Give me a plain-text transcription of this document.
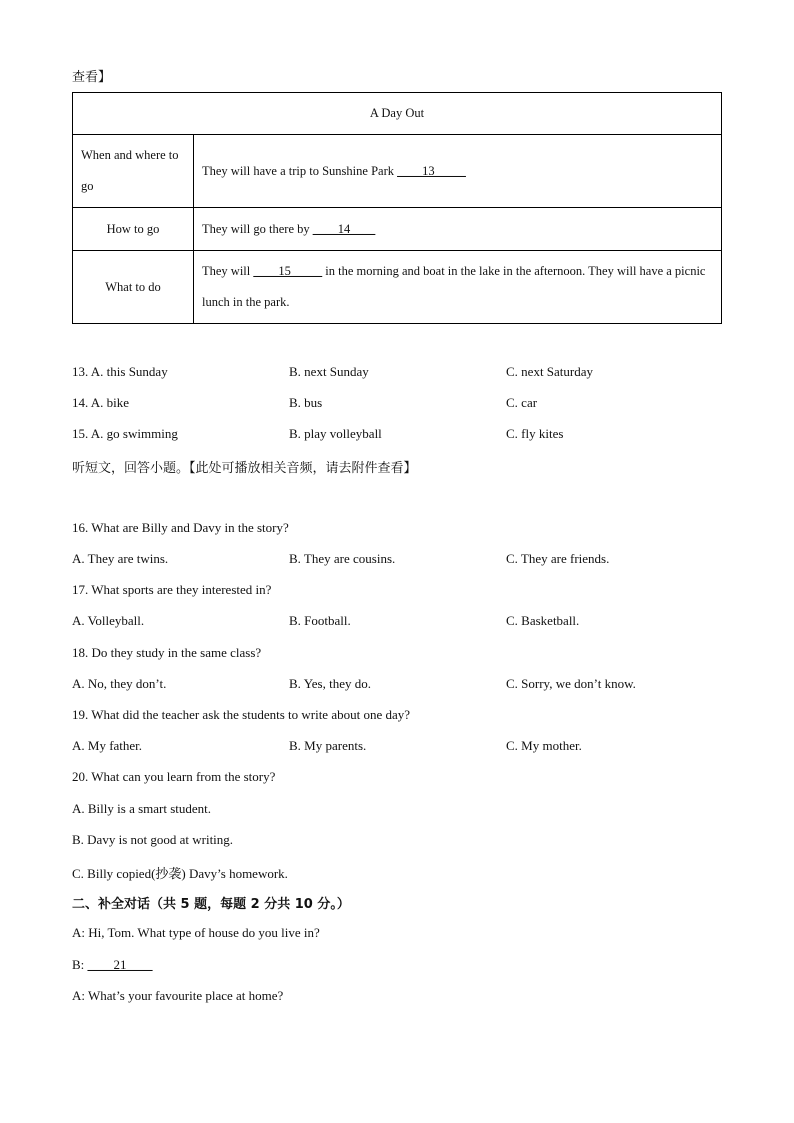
查看】
A Day Out	
When and where to go	They will have a trip to Sunshine Park ____13_____
How to go	They will go there by ____14____
What to do	They will ____15_____ in the morning and boat in the lake in the afternoon. They will have a picnic lunch in the park.
13. A. this Sunday	B. next Sunday	C. next Saturday
14. A. bike	B. bus	C. car
15. A. go swimming	B. play volleyball	C. fly kites
听短文，回答小题。【此处可播放相关音频，请去附件查看】
16. What are Billy and Davy in the story?
A. They are twins.	B. They are cousins.	C. They are friends.
17. What sports are they interested in?
A. Volleyball.	B. Football.	C. Basketball.
18. Do they study in the same class?
A. No, they don’t.	B. Yes, they do.	C. Sorry, we don’t know.
19. What did the teacher ask the students to write about one day?
A. My father.	B. My parents.	C. My mother.
20. What can you learn from the story?
A. Billy is a smart student.
B. Davy is not good at writing.
C. Billy copied(抄袭) Davy’s homework.
二、补全对话（共 5 题，每题 2 分共 10 分。）
A: Hi, Tom. What type of house do you live in?
B: ____21____
A: What’s your favourite place at home?
